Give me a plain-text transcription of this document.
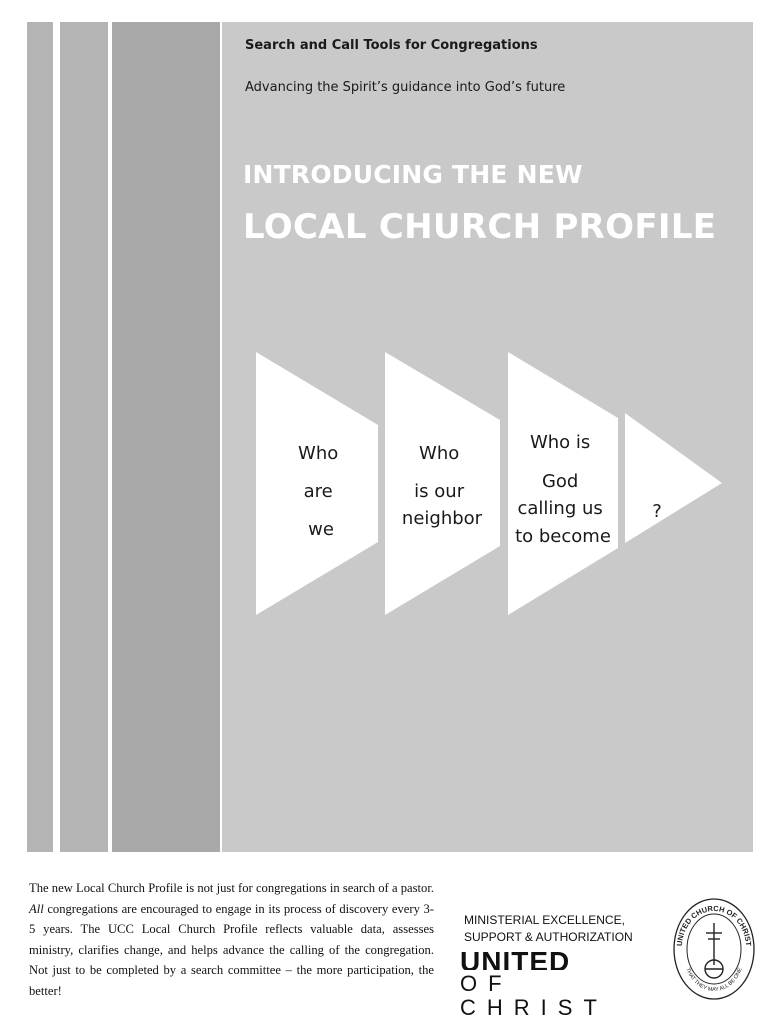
Search and Call Tools for Congregations
Advancing the Spirit’s guidance into God’s future
INTRODUCING THE NEW
LOCAL CHURCH PROFILE
Who are we
Who is our neighbor
Who is God calling us to become
?

The new Local Church Profile is not just for congregations in search of a pastor. All congregations are encouraged to engage in its process of discovery every 3-5 years. The UCC Local Church Profile reflects valuable data, assesses ministry, clarifies change, and helps advance the calling of the congregation. Not just to be completed by a search committee – the more participation, the better!

MINISTERIAL EXCELLENCE,
SUPPORT & AUTHORIZATION
UNITED
OF CHRIST
UNITED CHURCH OF CHRIST
THAT THEY MAY ALL BE ONE
